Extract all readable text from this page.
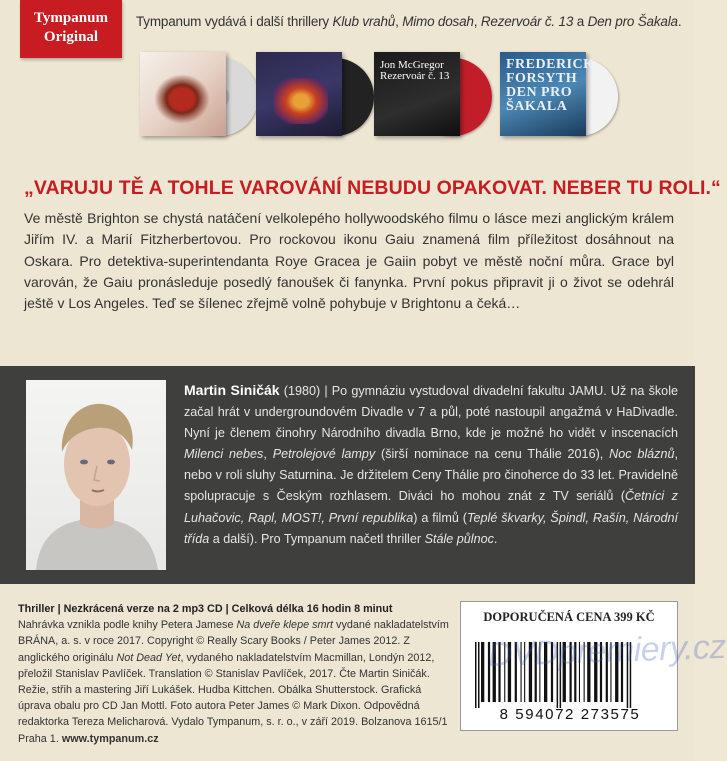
Tympanum
Original
Tympanum vydává i další thrillery Klub vrahů, Mimo dosah, Rezervoár č. 13 a Den pro Šakala.
Jon McGregor Rezervoár č. 13
FREDERICK FORSYTH DEN PRO ŠAKALA
„VARUJU TĚ A TOHLE VAROVÁNÍ NEBUDU OPAKOVAT. NEBER TU ROLI.“

Ve městě Brighton se chystá natáčení velkolepého hollywoodského filmu o lásce mezi anglickým králem Jiřím IV. a Marií Fitzherbertovou. Pro rockovou ikonu Gaiu znamená film příležitost dosáhnout na Oskara. Pro detektiva-superintendanta Roye Gracea je Gaiin pobyt ve městě noční můra. Grace byl varován, že Gaiu pronásleduje posedlý fanoušek či fanynka. První pokus připravit ji o život se odehrál ještě v Los Angeles. Teď se šílenec zřejmě volně pohybuje v Brightonu a čeká…

Martin Siničák (1980) | Po gymnáziu vystudoval divadelní fakultu JAMU. Už na škole začal hrát v undergroundovém Divadle v 7 a půl, poté nastoupil angažmá v HaDivadle. Nyní je členem činohry Národního divadla Brno, kde je možné ho vidět v inscenacích Milenci nebes, Petrolejové lampy (širší nominace na cenu Thálie 2016), Noc bláznů, nebo v roli sluhy Saturnina. Je držitelem Ceny Thálie pro činoherce do 33 let. Pravidelně spolupracuje s Českým rozhlasem. Diváci ho mohou znát z TV seriálů (Četníci z Luhačovic, Rapl, MOST!, První republika) a filmů (Teplé škvarky, Špindl, Rašín, Národní třída a další). Pro Tympanum načetl thriller Stále půlnoc.

Thriller | Nezkrácená verze na 2 mp3 CD | Celková délka 16 hodin 8 minut
Nahrávka vznikla podle knihy Petera Jamese Na dveře klepe smrt vydané nakladatelstvím BRÁNA, a. s. v roce 2017. Copyright © Really Scary Books / Peter James 2012. Z anglického originálu Not Dead Yet, vydaného nakladatelstvím Macmillan, Londýn 2012, přeložil Stanislav Pavlíček. Translation © Stanislav Pavlíček, 2017. Čte Martin Siničák. Režie, střih a mastering Jiří Lukášek. Hudba Kittchen. Obálka Shutterstock. Grafická úprava obalu pro CD Jan Mottl. Foto autora Peter James © Mark Dixon. Odpovědná redaktorka Tereza Melicharová. Vydalo Tympanum, s. r. o., v září 2019. Bolzanova 1615/1 Praha 1. www.tympanum.cz
DOPORUČENÁ CENA 399 KČ
8 594072 273575
DVDpremiery.cz
